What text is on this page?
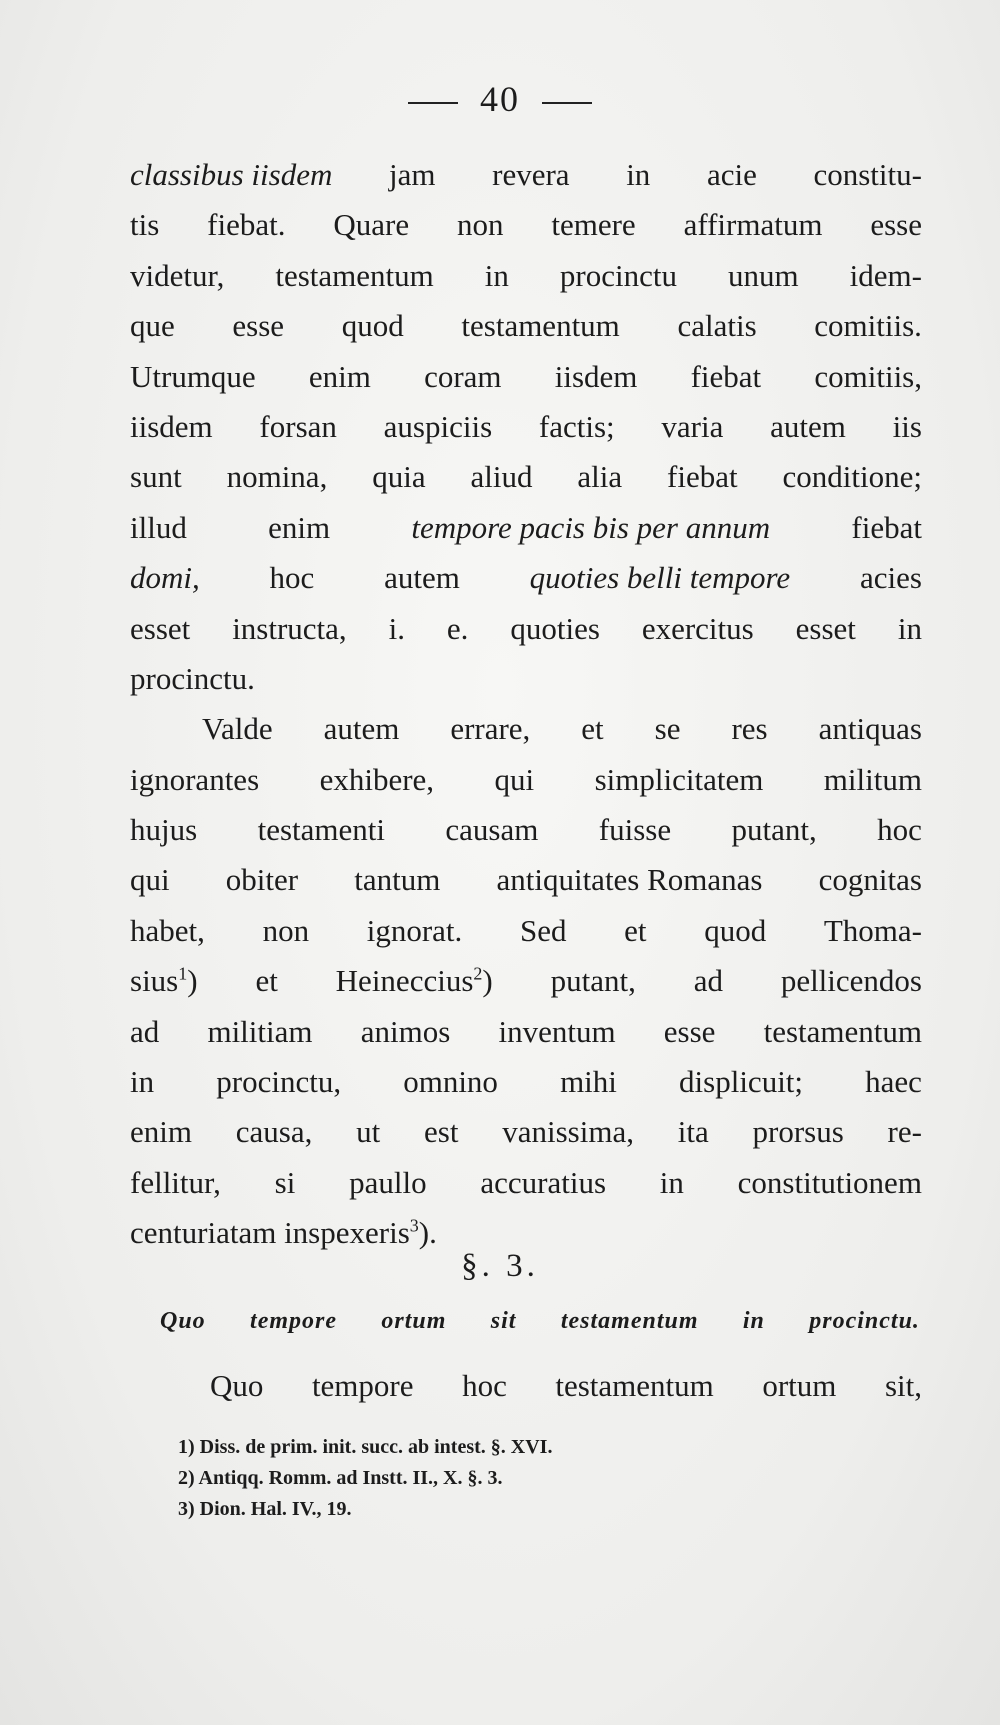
40
classibus iisdem jam revera in acie constitu-
tis fiebat. Quare non temere affirmatum esse
videtur, testamentum in procinctu unum idem-
que esse quod testamentum calatis comitiis.
Utrumque enim coram iisdem fiebat comitiis,
iisdem forsan auspiciis factis; varia autem iis
sunt nomina, quia aliud alia fiebat conditione;
illud	enim	tempore pacis bis per annum	fiebat
domi, hoc autem quoties belli tempore acies
esset instructa, i. e. quoties exercitus esset in
procinctu.
Valde autem errare, et se res antiquas
ignorantes exhibere, qui simplicitatem militum
hujus testamenti causam fuisse putant, hoc
qui obiter tantum antiquitates Romanas cognitas
habet, non ignorat. Sed et quod Thoma-
sius$^1$) et Heineccius$^2$) putant, ad pellicendos
ad militiam animos inventum esse testamentum
in procinctu, omnino mihi displicuit; haec
enim causa, ut est vanissima, ita prorsus re-
fellitur, si paullo accuratius in constitutionem
centuriatam inspexeris$^3$).
§. 3.
Quo tempore ortum sit testamentum in procinctu.
Quo tempore hoc testamentum ortum sit,
1) Diss. de prim. init. succ. ab intest. §. XVI.
2) Antiqq. Romm. ad Instt. II., X. §. 3.
3) Dion. Hal. IV., 19.
